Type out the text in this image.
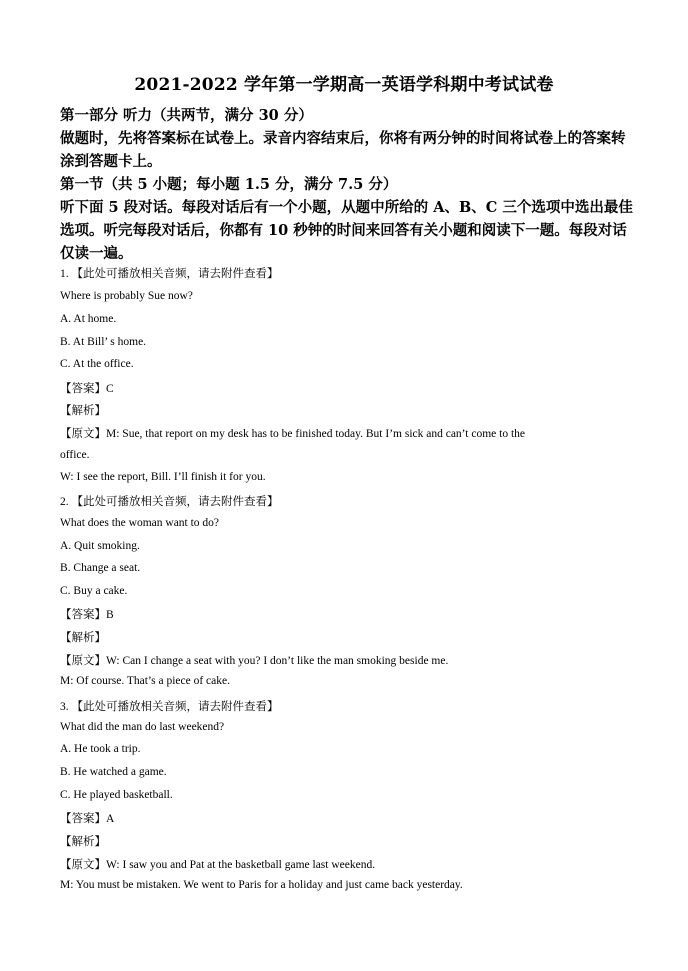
2021-2022 学年第一学期高一英语学科期中考试试卷
第一部分 听力（共两节，满分 30 分）
做题时，先将答案标在试卷上。录音内容结束后，你将有两分钟的时间将试卷上的答案转
涂到答题卡上。
第一节（共 5 小题；每小题 1.5 分，满分 7.5 分）
听下面 5 段对话。每段对话后有一个小题，从题中所给的 A、B、C 三个选项中选出最佳
选项。听完每段对话后，你都有 10 秒钟的时间来回答有关小题和阅读下一题。每段对话
仅读一遍。
1. 【此处可播放相关音频，请去附件查看】
Where is probably Sue now?
A. At home.
B. At Bill’ s home.
C. At the office.
【答案】C
【解析】
【原文】M: Sue, that report on my desk has to be finished today. But I’m sick and can’t come to the
office.
W: I see the report, Bill. I’ll finish it for you.
2. 【此处可播放相关音频，请去附件查看】
What does the woman want to do?
A. Quit smoking.
B. Change a seat.
C. Buy a cake.
【答案】B
【解析】
【原文】W: Can I change a seat with you? I don’t like the man smoking beside me.
M: Of course. That’s a piece of cake.
3. 【此处可播放相关音频，请去附件查看】
What did the man do last weekend?
A. He took a trip.
B. He watched a game.
C. He played basketball.
【答案】A
【解析】
【原文】W: I saw you and Pat at the basketball game last weekend.
M: You must be mistaken. We went to Paris for a holiday and just came back yesterday.
